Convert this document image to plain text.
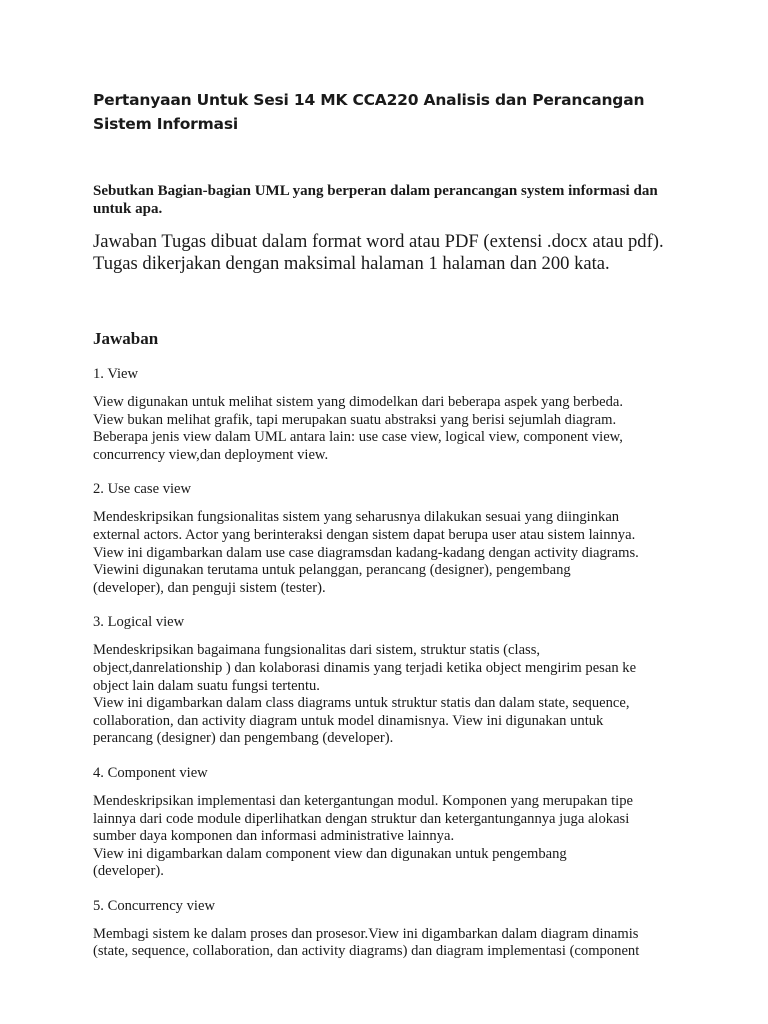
Pertanyaan Untuk Sesi 14 MK CCA220 Analisis dan Perancangan Sistem Informasi

Sebutkan Bagian-bagian UML yang berperan dalam perancangan system informasi dan untuk apa.

Jawaban Tugas dibuat dalam format word atau PDF (extensi .docx atau pdf). Tugas dikerjakan dengan maksimal halaman 1 halaman dan 200 kata.

Jawaban

1. View

View digunakan untuk melihat sistem yang dimodelkan dari beberapa aspek yang berbeda.
View bukan melihat grafik, tapi merupakan suatu abstraksi yang berisi sejumlah diagram.
Beberapa jenis view dalam UML antara lain: use case view, logical view, component view,
concurrency view,dan deployment view.

2. Use case view

Mendeskripsikan fungsionalitas sistem yang seharusnya dilakukan sesuai yang diinginkan
external actors. Actor yang berinteraksi dengan sistem dapat berupa user atau sistem lainnya.
View ini digambarkan dalam use case diagramsdan kadang-kadang dengan activity diagrams.
Viewini digunakan terutama untuk pelanggan, perancang (designer), pengembang
(developer), dan penguji sistem (tester).

3. Logical view

Mendeskripsikan bagaimana fungsionalitas dari sistem, struktur statis (class,
object,danrelationship ) dan kolaborasi dinamis yang terjadi ketika object mengirim pesan ke
object lain dalam suatu fungsi tertentu.
View ini digambarkan dalam class diagrams untuk struktur statis dan dalam state, sequence,
collaboration, dan activity diagram untuk model dinamisnya. View ini digunakan untuk
perancang (designer) dan pengembang (developer).

4. Component view

Mendeskripsikan implementasi dan ketergantungan modul. Komponen yang merupakan tipe
lainnya dari code module diperlihatkan dengan struktur dan ketergantungannya juga alokasi
sumber daya komponen dan informasi administrative lainnya.
View ini digambarkan dalam component view dan digunakan untuk pengembang
(developer).

5. Concurrency view

Membagi sistem ke dalam proses dan prosesor.View ini digambarkan dalam diagram dinamis
(state, sequence, collaboration, dan activity diagrams) dan diagram implementasi (component
